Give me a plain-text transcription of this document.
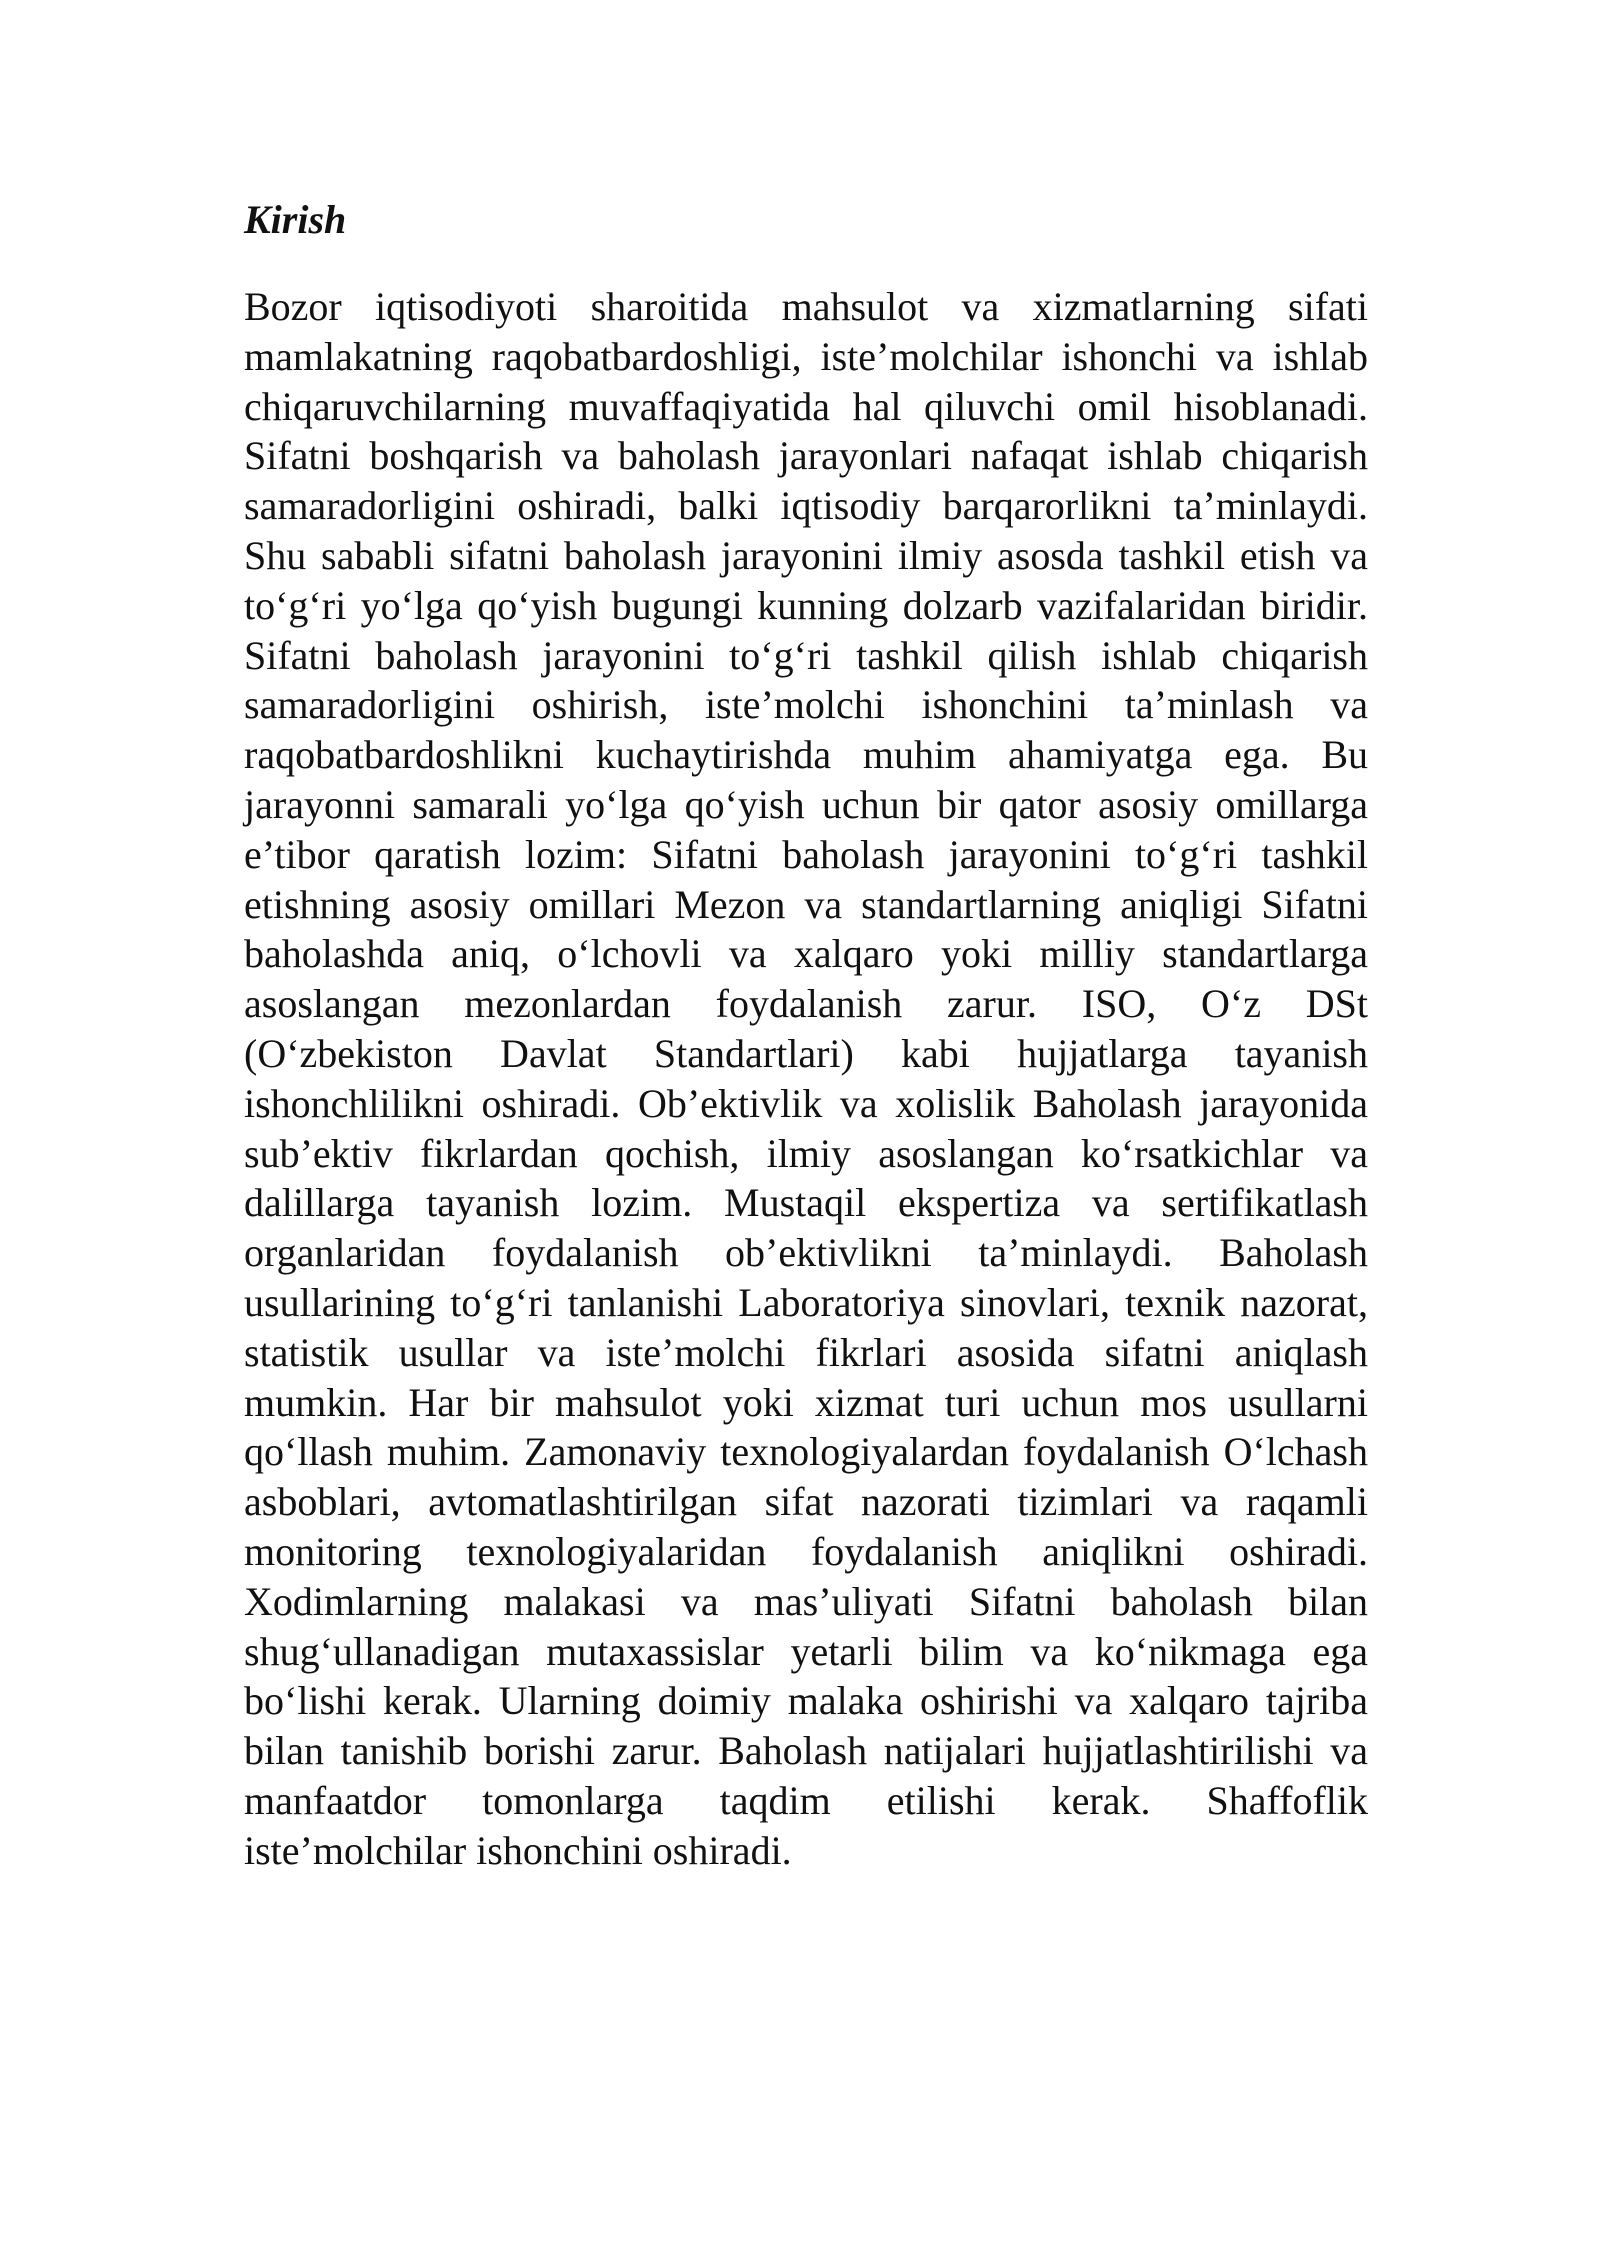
Kirish

Bozor iqtisodiyoti sharoitida mahsulot va xizmatlarning sifati mamlakatning raqobatbardoshligi, iste’molchilar ishonchi va ishlab chiqaruvchilarning muvaffaqiyatida hal qiluvchi omil hisoblanadi. Sifatni boshqarish va baholash jarayonlari nafaqat ishlab chiqarish samaradorligini oshiradi, balki iqtisodiy barqarorlikni ta’minlaydi. Shu sababli sifatni baholash jarayonini ilmiy asosda tashkil etish va to‘g‘ri yo‘lga qo‘yish bugungi kunning dolzarb vazifalaridan biridir. Sifatni baholash jarayonini to‘g‘ri tashkil qilish ishlab chiqarish samaradorligini oshirish, iste’molchi ishonchini ta’minlash va raqobatbardoshlikni kuchaytirishda muhim ahamiyatga ega. Bu jarayonni samarali yo‘lga qo‘yish uchun bir qator asosiy omillarga e’tibor qaratish lozim: Sifatni baholash jarayonini to‘g‘ri tashkil etishning asosiy omillari Mezon va standartlarning aniqligi Sifatni baholashda aniq, o‘lchovli va xalqaro yoki milliy standartlarga asoslangan mezonlardan foydalanish zarur. ISO, O‘z DSt (O‘zbekiston Davlat Standartlari) kabi hujjatlarga tayanish ishonchlilikni oshiradi. Ob’ektivlik va xolislik Baholash jarayonida sub’ektiv fikrlardan qochish, ilmiy asoslangan ko‘rsatkichlar va dalillarga tayanish lozim. Mustaqil ekspertiza va sertifikatlash organlaridan foydalanish ob’ektivlikni ta’minlaydi. Baholash usullarining to‘g‘ri tanlanishi Laboratoriya sinovlari, texnik nazorat, statistik usullar va iste’molchi fikrlari asosida sifatni aniqlash mumkin. Har bir mahsulot yoki xizmat turi uchun mos usullarni qo‘llash muhim. Zamonaviy texnologiyalardan foydalanish O‘lchash asboblari, avtomatlashtirilgan sifat nazorati tizimlari va raqamli monitoring texnologiyalaridan foydalanish aniqlikni oshiradi. Xodimlarning malakasi va mas’uliyati Sifatni baholash bilan shug‘ullanadigan mutaxassislar yetarli bilim va ko‘nikmaga ega bo‘lishi kerak. Ularning doimiy malaka oshirishi va xalqaro tajriba bilan tanishib borishi zarur. Baholash natijalari hujjatlashtirilishi va manfaatdor tomonlarga taqdim etilishi kerak. Shaffoflik iste’molchilar ishonchini oshiradi.
